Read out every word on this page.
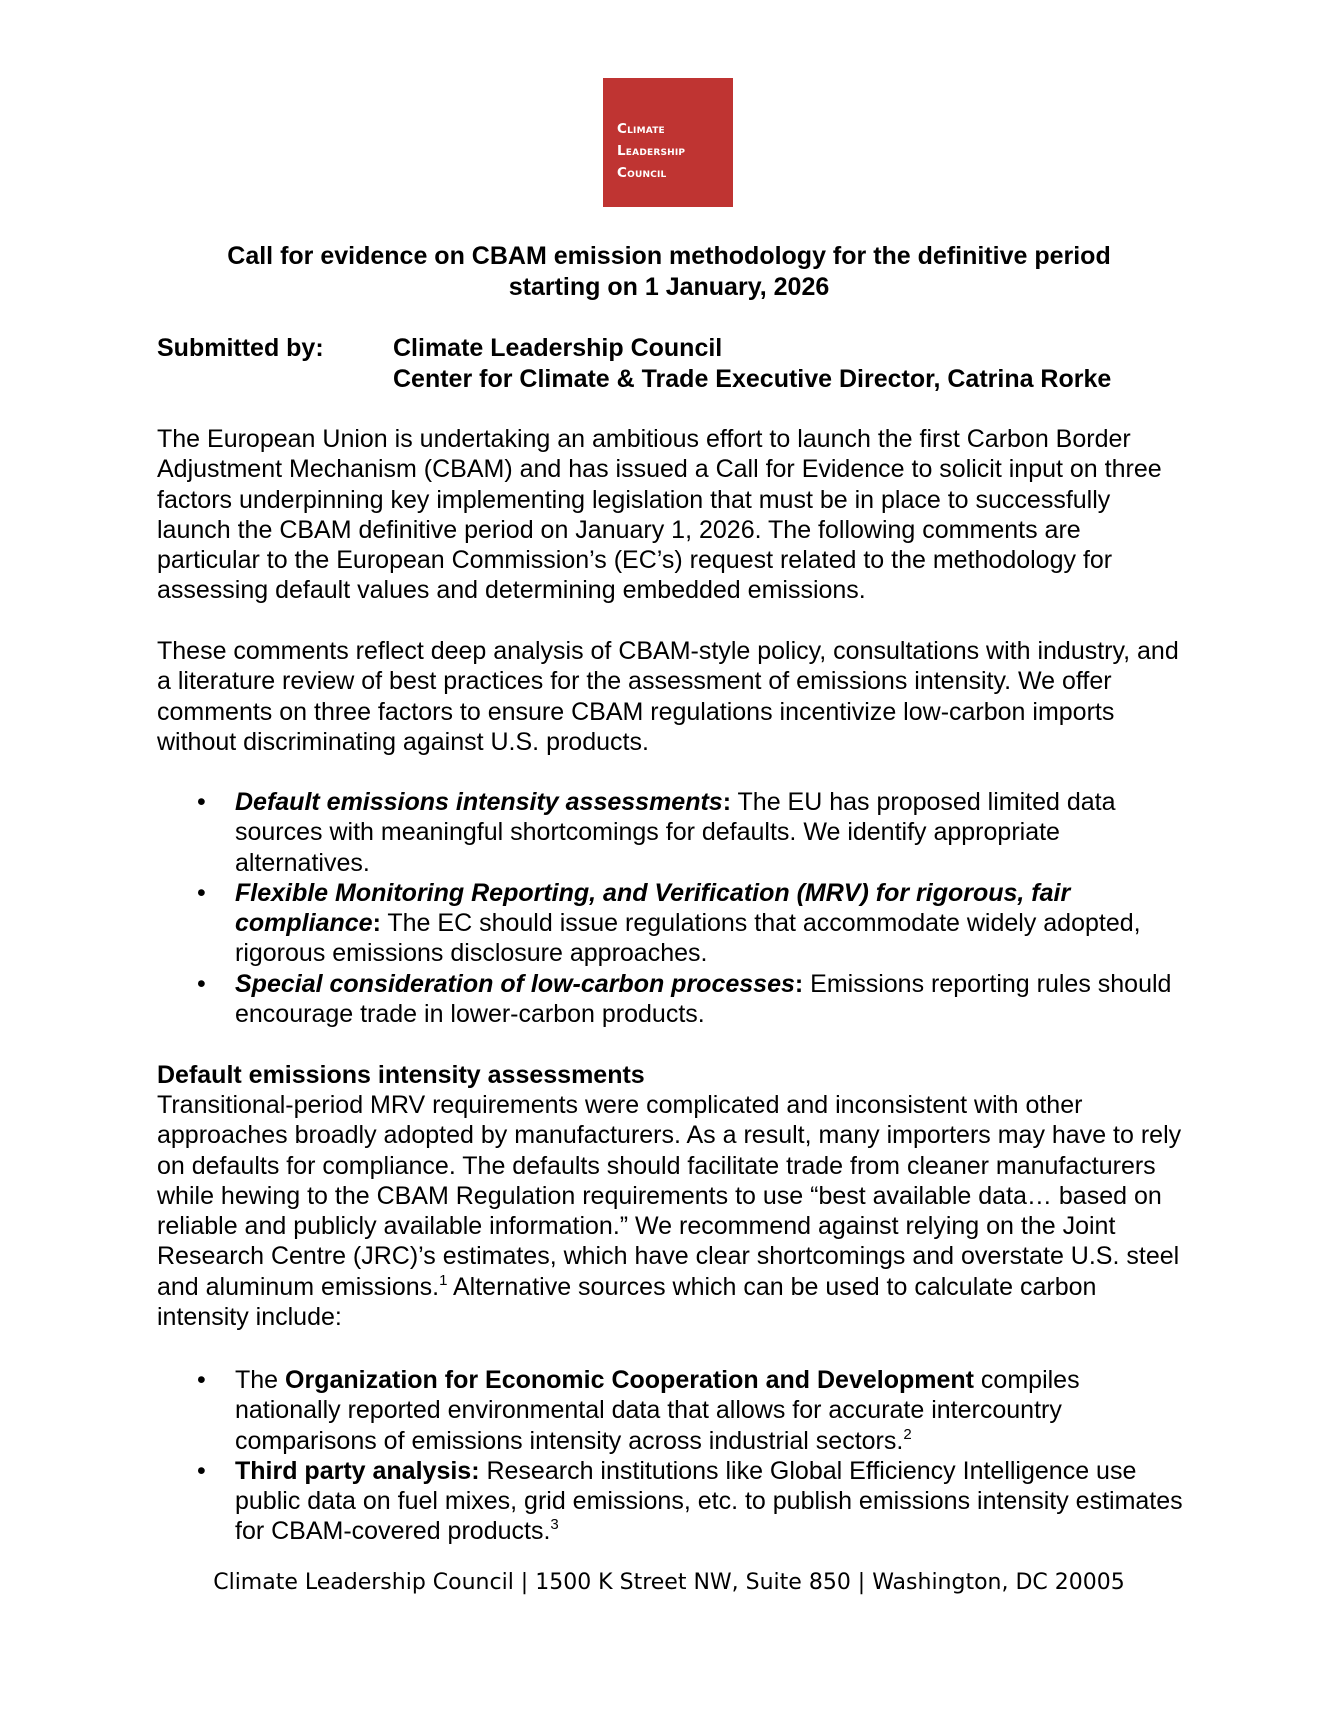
Climate
Leadership
Council
Call for evidence on CBAM emission methodology for the definitive period
starting on 1 January, 2026
Submitted by:	Climate Leadership Council
Center for Climate & Trade Executive Director, Catrina Rorke

The European Union is undertaking an ambitious effort to launch the first Carbon Border Adjustment Mechanism (CBAM) and has issued a Call for Evidence to solicit input on three factors underpinning key implementing legislation that must be in place to successfully launch the CBAM definitive period on January 1, 2026. The following comments are particular to the European Commission’s (EC’s) request related to the methodology for assessing default values and determining embedded emissions.

These comments reflect deep analysis of CBAM-style policy, consultations with industry, and a literature review of best practices for the assessment of emissions intensity. We offer comments on three factors to ensure CBAM regulations incentivize low-carbon imports without discriminating against U.S. products.

• Default emissions intensity assessments: The EU has proposed limited data sources with meaningful shortcomings for defaults. We identify appropriate alternatives.
• Flexible Monitoring Reporting, and Verification (MRV) for rigorous, fair compliance: The EC should issue regulations that accommodate widely adopted, rigorous emissions disclosure approaches.
• Special consideration of low-carbon processes: Emissions reporting rules should encourage trade in lower-carbon products.
Default emissions intensity assessments

Transitional-period MRV requirements were complicated and inconsistent with other approaches broadly adopted by manufacturers. As a result, many importers may have to rely on defaults for compliance. The defaults should facilitate trade from cleaner manufacturers while hewing to the CBAM Regulation requirements to use “best available data… based on reliable and publicly available information.” We recommend against relying on the Joint Research Centre (JRC)’s estimates, which have clear shortcomings and overstate U.S. steel and aluminum emissions.$^1$ Alternative sources which can be used to calculate carbon intensity include:

• The Organization for Economic Cooperation and Development compiles nationally reported environmental data that allows for accurate intercountry comparisons of emissions intensity across industrial sectors.$^2$
• Third party analysis: Research institutions like Global Efficiency Intelligence use public data on fuel mixes, grid emissions, etc. to publish emissions intensity estimates for CBAM-covered products.$^3$
Climate Leadership Council | 1500 K Street NW, Suite 850 | Washington, DC 20005
